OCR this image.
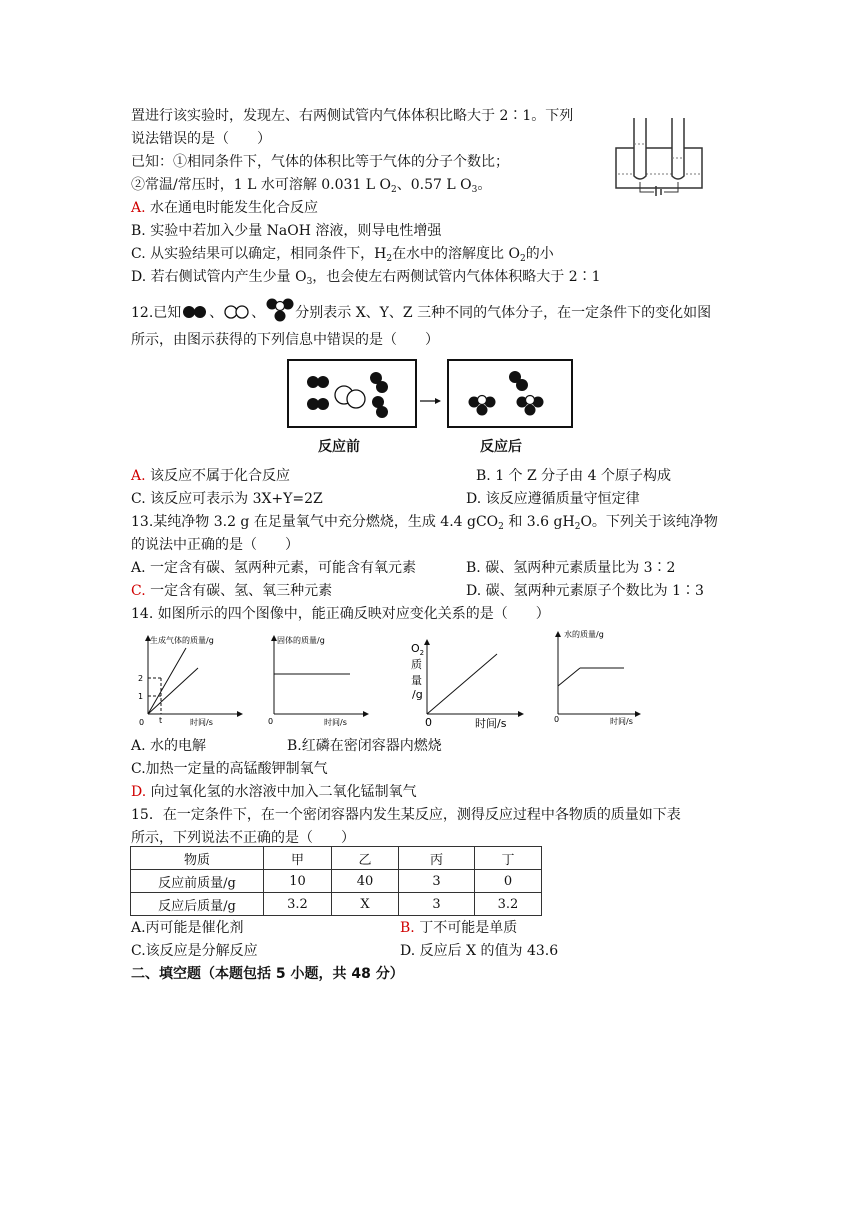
置进行该实验时，发现左、右两侧试管内气体体积比略大于 2∶1。下列
说法错误的是（　　）
已知：①相同条件下，气体的体积比等于气体的分子个数比；
②常温/常压时，1 L 水可溶解 0.031 L $O_2$、0.57 L $O_3$。
A. 水在通电时能发生化合反应
B. 实验中若加入少量 NaOH 溶液，则导电性增强
C. 从实验结果可以确定，相同条件下，$H_2$在水中的溶解度比 $O_2$的小
D. 若右侧试管内产生少量 $O_3$，也会使左右两侧试管内气体体积略大于 2∶1
12.已知 、 、 分别表示 X、Y、Z 三种不同的气体分子，在一定条件下的变化如图
所示，由图示获得的下列信息中错误的是（　　）
反应前	反应后
A. 该反应不属于化合反应	B. 1 个 Z 分子由 4 个原子构成
C. 该反应可表示为 3X+Y=2Z	D. 该反应遵循质量守恒定律
13.某纯净物 3.2 g 在足量氧气中充分燃烧，生成 4.4 gCO$_2$ 和 3.6 $gH_2O$。下列关于该纯净物
的说法中正确的是（　　）
A. 一定含有碳、氢两种元素，可能含有氧元素	B. 碳、氢两种元素质量比为 3∶2
C. 一定含有碳、氢、氧三种元素	D. 碳、氢两种元素原子个数比为 1∶3
14. 如图所示的四个图像中，能正确反映对应变化关系的是（　　）
生成气体的质量/g
2
1
0 t	时间/s
固体的质量/g
0	时间/s
$O_2$
质
量
/g
0	时间/s
水的质量/g
0	时间/s
A. 水的电解	B.红磷在密闭容器内燃烧
C.加热一定量的高锰酸钾制氧气
D. 向过氧化氢的水溶液中加入二氧化锰制氧气
15．在一定条件下，在一个密闭容器内发生某反应，测得反应过程中各物质的质量如下表
所示，下列说法不正确的是（　　）
物质	甲	乙	丙	丁
反应前质量/g	10	40	3	0
反应后质量/g	3.2	X	3	3.2
A.丙可能是催化剂	B. 丁不可能是单质
C.该反应是分解反应	D. 反应后 X 的值为 43.6
二、填空题（本题包括 5 小题，共 48 分）
